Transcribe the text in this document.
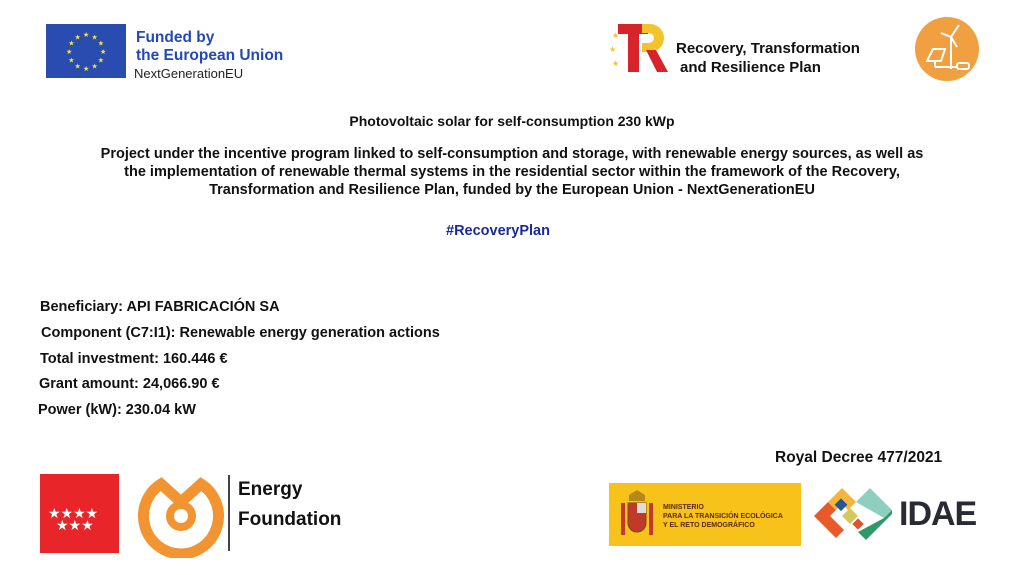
★ ★
★
★
★
★
★
★
★
★
★
★	Funded by
the European Union
NextGenerationEU
★
★
★
Recovery, Transformation
and Resilience Plan
Photovoltaic solar for self-consumption 230 kWp
Project under the incentive program linked to self-consumption and storage, with renewable energy sources, as well as
the implementation of renewable thermal systems in the residential sector within the framework of the Recovery,
Transformation and Resilience Plan, funded by the European Union - NextGenerationEU
#RecoveryPlan
Beneficiary: API FABRICACIÓN SA
Component (C7:I1): Renewable energy generation actions
Total investment: 160.446 €
Grant amount: 24,066.90 €
Power (kW): 230.04 kW
Royal Decree 477/2021
★★★★
★★★
Energy
Foundation
MINISTERIO
PARA LA TRANSICIÓN ECOLÓGICA
Y EL RETO DEMOGRÁFICO	IDAE
